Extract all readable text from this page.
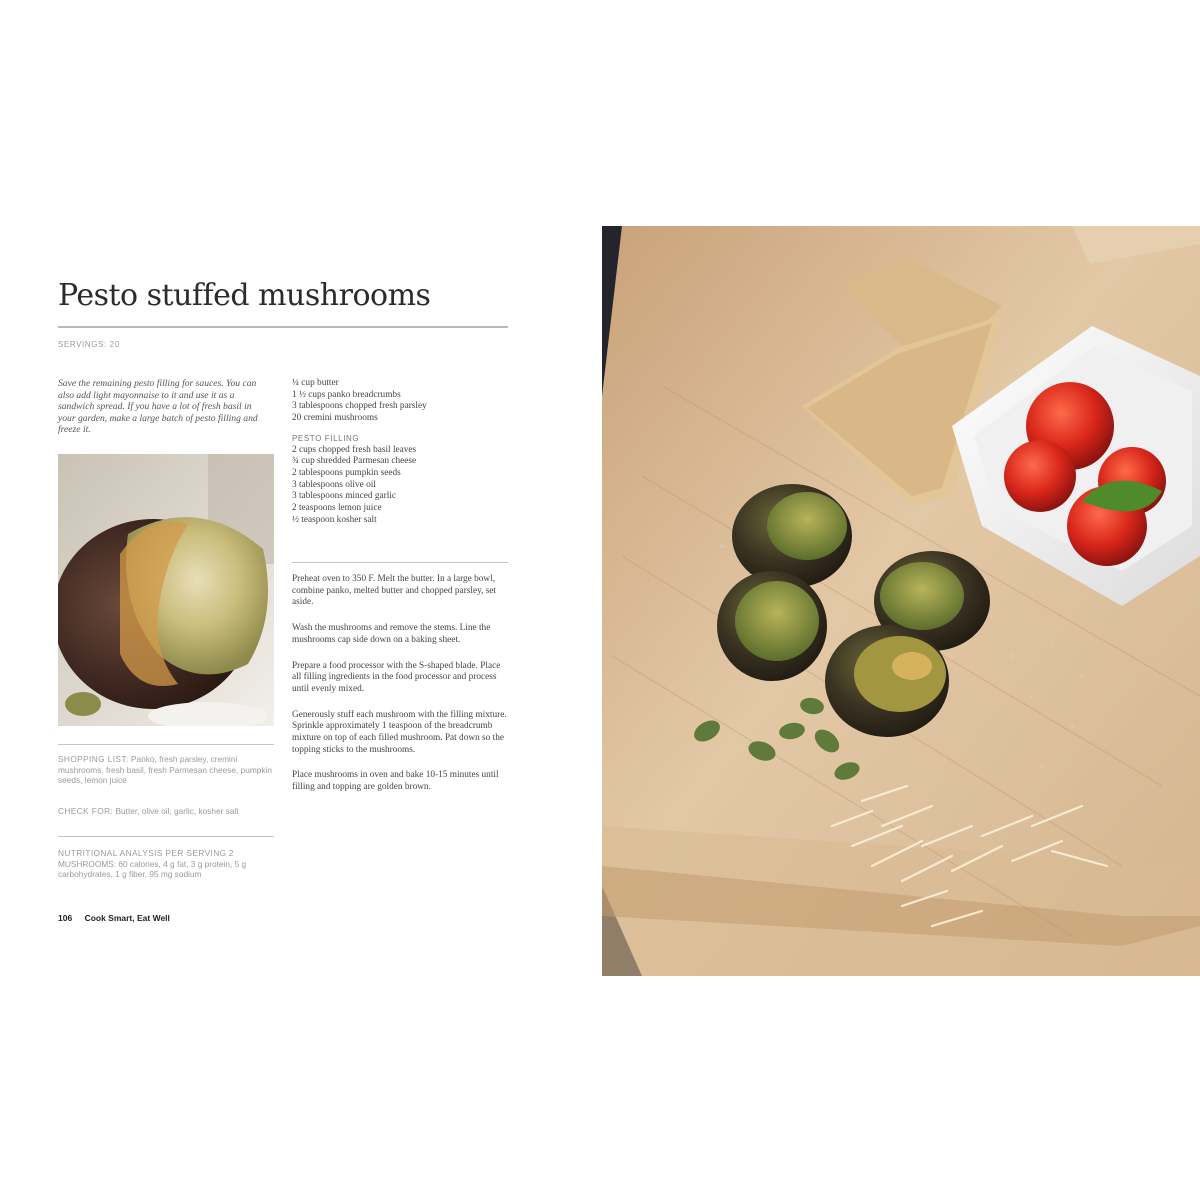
Pesto stuffed mushrooms
SERVINGS: 20
Save the remaining pesto filling for sauces. You can also add light mayonnaise to it and use it as a sandwich spread. If you have a lot of fresh basil in your garden, make a large batch of pesto filling and freeze it.
SHOPPING LIST: Panko, fresh parsley, cremini mushrooms, fresh basil, fresh Parmesan cheese, pumpkin seeds, lemon juice
CHECK FOR: Butter, olive oil, garlic, kosher salt
NUTRITIONAL ANALYSIS PER SERVING 2 MUSHROOMS: 60 calories, 4 g fat, 3 g protein, 5 g carbohydrates, 1 g fiber, 95 mg sodium
¼ cup butter
1 ½ cups panko breadcrumbs
3 tablespoons chopped fresh parsley
20 cremini mushrooms
PESTO FILLING
2 cups chopped fresh basil leaves
¾ cup shredded Parmesan cheese
2 tablespoons pumpkin seeds
3 tablespoons olive oil
3 tablespoons minced garlic
2 teaspoons lemon juice
½ teaspoon kosher salt

Preheat oven to 350 F. Melt the butter. In a large bowl, combine panko, melted butter and chopped parsley, set aside.

Wash the mushrooms and remove the stems. Line the mushrooms cap side down on a baking sheet.

Prepare a food processor with the S-shaped blade. Place all filling ingredients in the food processor and process until evenly mixed.

Generously stuff each mushroom with the filling mixture. Sprinkle approximately 1 teaspoon of the breadcrumb mixture on top of each filled mushroom. Pat down so the topping sticks to the mushrooms.

Place mushrooms in oven and bake 10-15 minutes until filling and topping are golden brown.

106 Cook Smart, Eat Well
